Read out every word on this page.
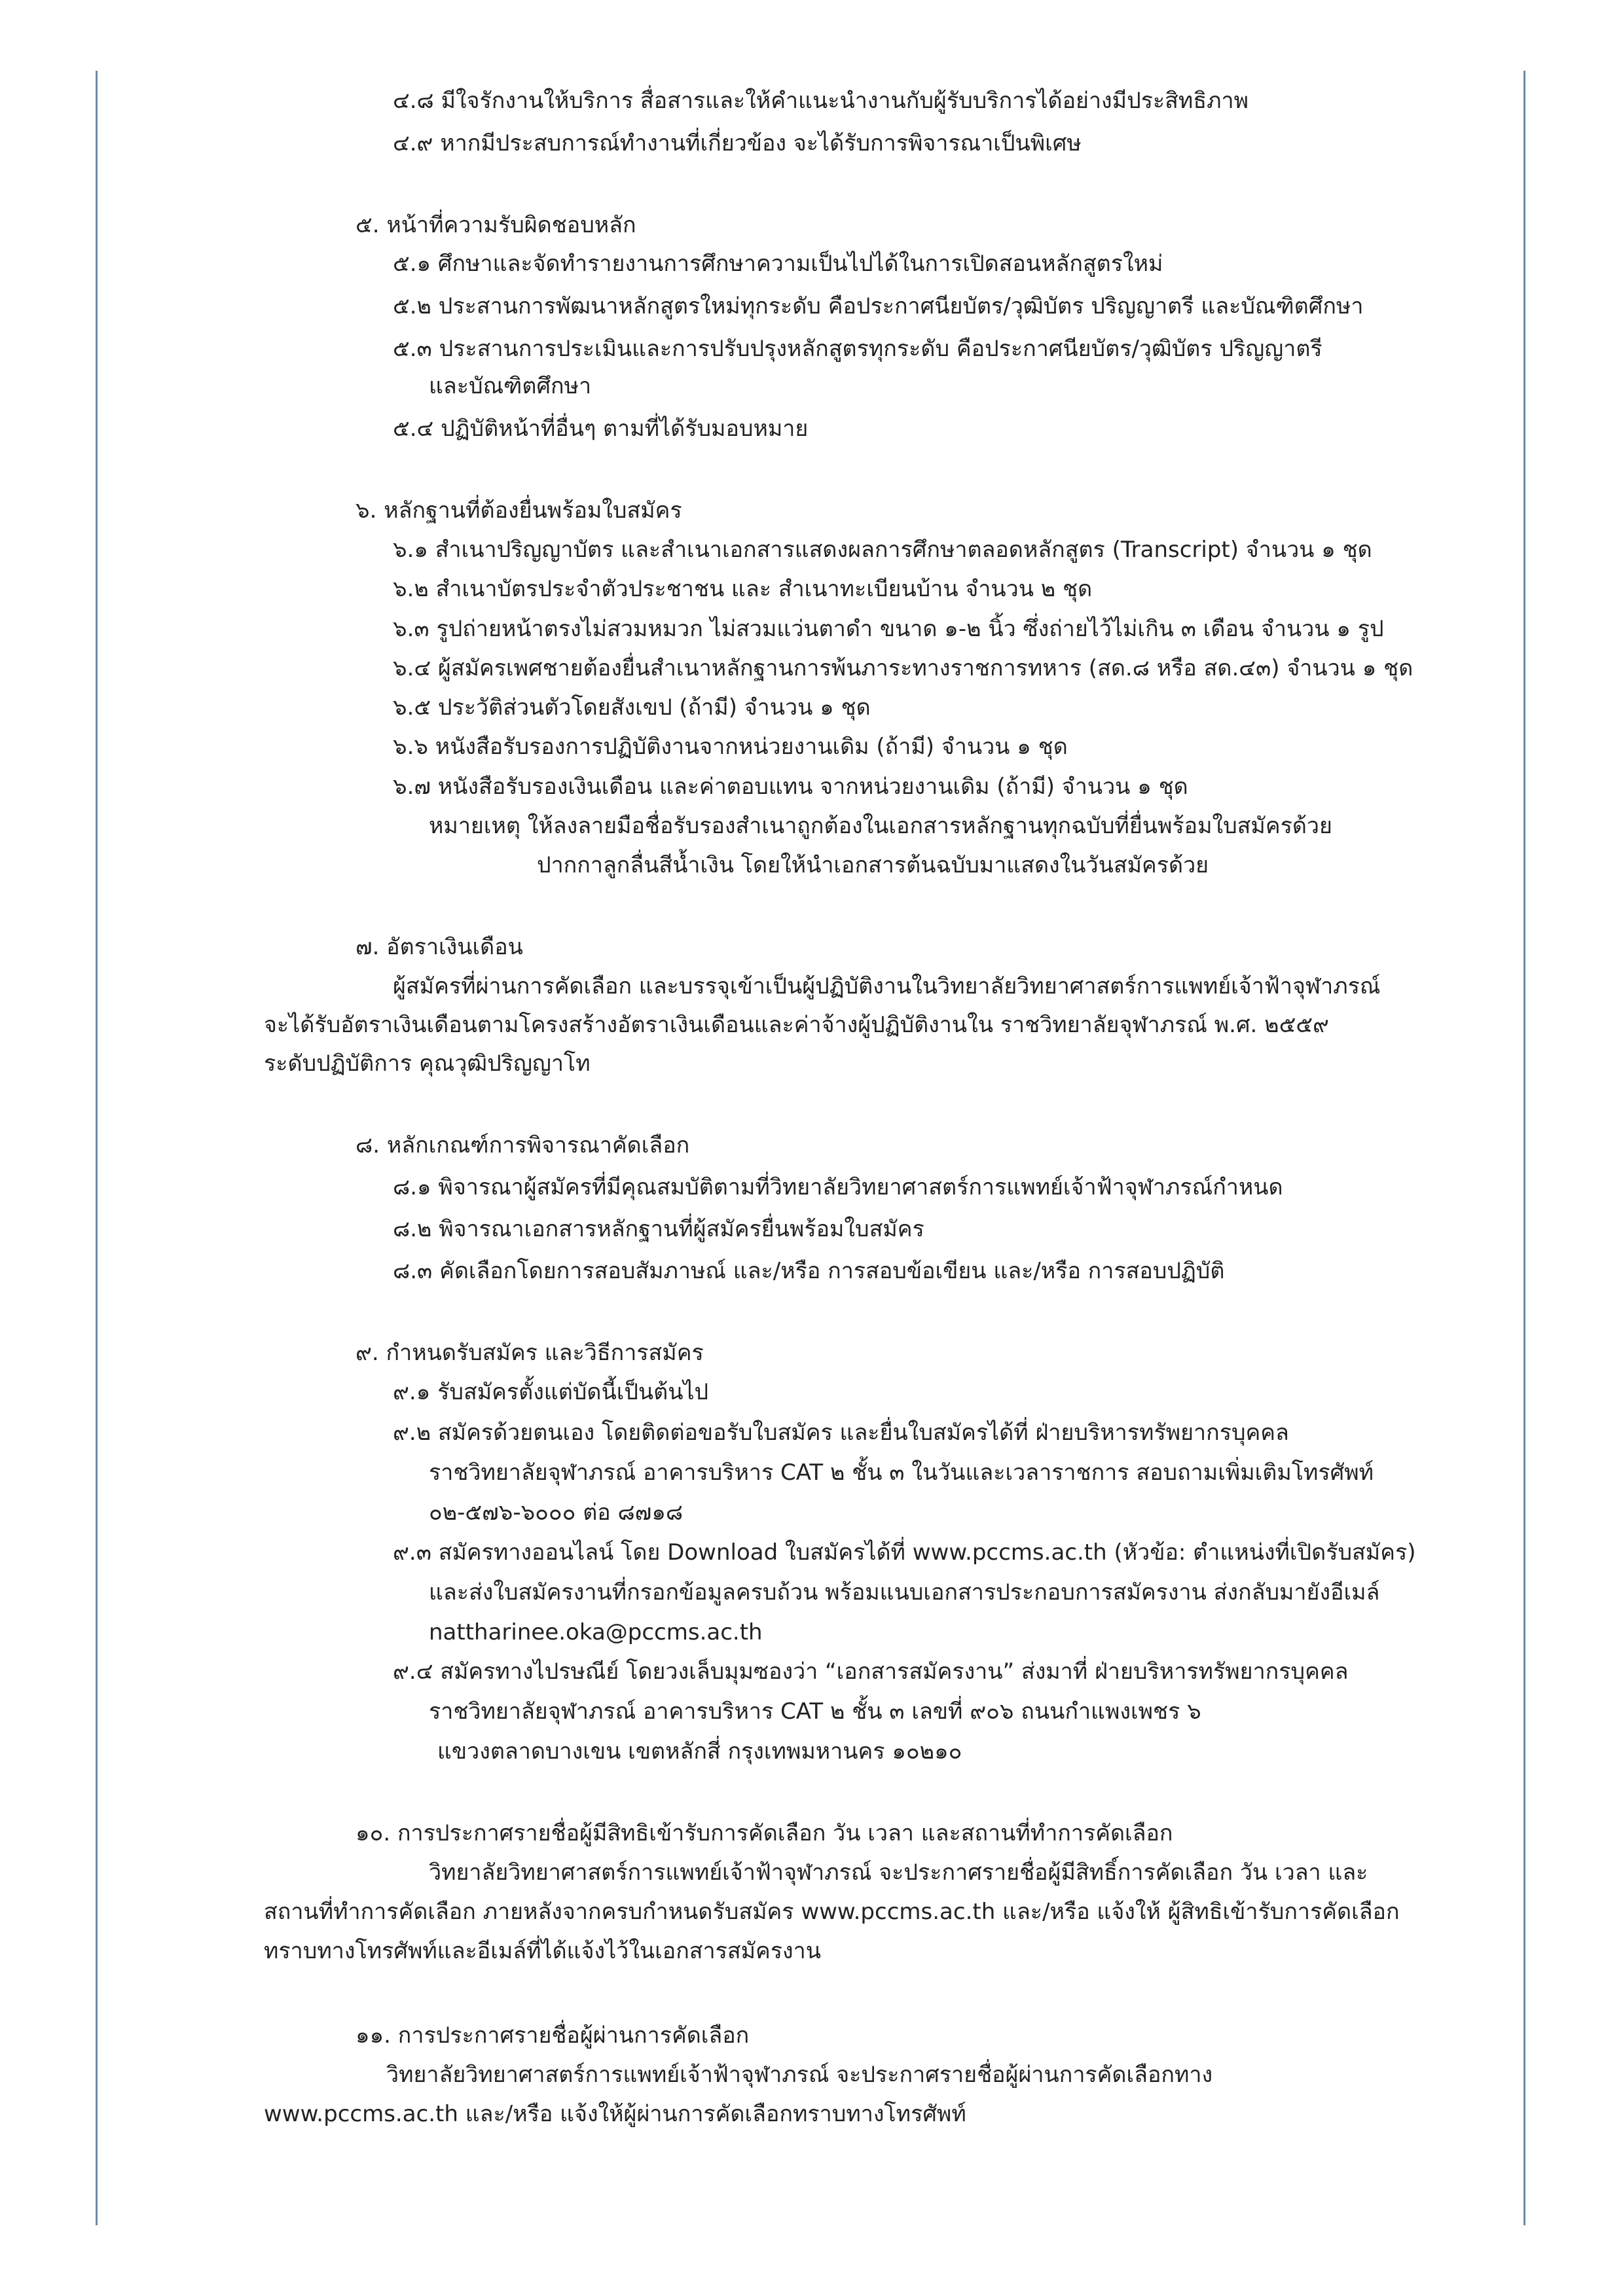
๔.๘ มีใจรักงานให้บริการ สื่อสารและให้คำแนะนำงานกับผู้รับบริการได้อย่างมีประสิทธิภาพ
๔.๙ หากมีประสบการณ์ทำงานที่เกี่ยวข้อง จะได้รับการพิจารณาเป็นพิเศษ
๕. หน้าที่ความรับผิดชอบหลัก
๕.๑ ศึกษาและจัดทำรายงานการศึกษาความเป็นไปได้ในการเปิดสอนหลักสูตรใหม่
๕.๒ ประสานการพัฒนาหลักสูตรใหม่ทุกระดับ คือประกาศนียบัตร/วุฒิบัตร ปริญญาตรี และบัณฑิตศึกษา
๕.๓ ประสานการประเมินและการปรับปรุงหลักสูตรทุกระดับ คือประกาศนียบัตร/วุฒิบัตร ปริญญาตรี
และบัณฑิตศึกษา
๕.๔ ปฏิบัติหน้าที่อื่นๆ ตามที่ได้รับมอบหมาย
๖. หลักฐานที่ต้องยื่นพร้อมใบสมัคร
๖.๑ สำเนาปริญญาบัตร และสำเนาเอกสารแสดงผลการศึกษาตลอดหลักสูตร (Transcript) จำนวน ๑ ชุด
๖.๒ สำเนาบัตรประจำตัวประชาชน และ สำเนาทะเบียนบ้าน จำนวน ๒ ชุด
๖.๓ รูปถ่ายหน้าตรงไม่สวมหมวก ไม่สวมแว่นตาดำ ขนาด ๑-๒ นิ้ว ซึ่งถ่ายไว้ไม่เกิน ๓ เดือน จำนวน ๑ รูป
๖.๔ ผู้สมัครเพศชายต้องยื่นสำเนาหลักฐานการพ้นภาระทางราชการทหาร (สด.๘ หรือ สด.๔๓) จำนวน ๑ ชุด
๖.๕ ประวัติส่วนตัวโดยสังเขป (ถ้ามี) จำนวน ๑ ชุด
๖.๖ หนังสือรับรองการปฏิบัติงานจากหน่วยงานเดิม (ถ้ามี) จำนวน ๑ ชุด
๖.๗ หนังสือรับรองเงินเดือน และค่าตอบแทน จากหน่วยงานเดิม (ถ้ามี) จำนวน ๑ ชุด
หมายเหตุ ให้ลงลายมือชื่อรับรองสำเนาถูกต้องในเอกสารหลักฐานทุกฉบับที่ยื่นพร้อมใบสมัครด้วย
ปากกาลูกลื่นสีน้ำเงิน โดยให้นำเอกสารต้นฉบับมาแสดงในวันสมัครด้วย
๗. อัตราเงินเดือน
ผู้สมัครที่ผ่านการคัดเลือก และบรรจุเข้าเป็นผู้ปฏิบัติงานในวิทยาลัยวิทยาศาสตร์การแพทย์เจ้าฟ้าจุฬาภรณ์
จะได้รับอัตราเงินเดือนตามโครงสร้างอัตราเงินเดือนและค่าจ้างผู้ปฏิบัติงานใน ราชวิทยาลัยจุฬาภรณ์ พ.ศ. ๒๕๕๙
ระดับปฏิบัติการ คุณวุฒิปริญญาโท
๘. หลักเกณฑ์การพิจารณาคัดเลือก
๘.๑ พิจารณาผู้สมัครที่มีคุณสมบัติตามที่วิทยาลัยวิทยาศาสตร์การแพทย์เจ้าฟ้าจุฬาภรณ์กำหนด
๘.๒ พิจารณาเอกสารหลักฐานที่ผู้สมัครยื่นพร้อมใบสมัคร
๘.๓ คัดเลือกโดยการสอบสัมภาษณ์ และ/หรือ การสอบข้อเขียน และ/หรือ การสอบปฏิบัติ
๙. กำหนดรับสมัคร และวิธีการสมัคร
๙.๑ รับสมัครตั้งแต่บัดนี้เป็นต้นไป
๙.๒ สมัครด้วยตนเอง โดยติดต่อขอรับใบสมัคร และยื่นใบสมัครได้ที่ ฝ่ายบริหารทรัพยากรบุคคล
ราชวิทยาลัยจุฬาภรณ์ อาคารบริหาร CAT ๒ ชั้น ๓ ในวันและเวลาราชการ สอบถามเพิ่มเติมโทรศัพท์
๐๒-๕๗๖-๖๐๐๐ ต่อ ๘๗๑๘
๙.๓ สมัครทางออนไลน์ โดย Download ใบสมัครได้ที่ www.pccms.ac.th (หัวข้อ: ตำแหน่งที่เปิดรับสมัคร)
และส่งใบสมัครงานที่กรอกข้อมูลครบถ้วน พร้อมแนบเอกสารประกอบการสมัครงาน ส่งกลับมายังอีเมล์
nattharinee.oka@pccms.ac.th
๙.๔ สมัครทางไปรษณีย์ โดยวงเล็บมุมซองว่า “เอกสารสมัครงาน” ส่งมาที่ ฝ่ายบริหารทรัพยากรบุคคล
ราชวิทยาลัยจุฬาภรณ์ อาคารบริหาร CAT ๒ ชั้น ๓ เลขที่ ๙๐๖ ถนนกำแพงเพชร ๖
แขวงตลาดบางเขน เขตหลักสี่ กรุงเทพมหานคร ๑๐๒๑๐
๑๐. การประกาศรายชื่อผู้มีสิทธิเข้ารับการคัดเลือก วัน เวลา และสถานที่ทำการคัดเลือก
วิทยาลัยวิทยาศาสตร์การแพทย์เจ้าฟ้าจุฬาภรณ์ จะประกาศรายชื่อผู้มีสิทธิ์การคัดเลือก วัน เวลา และ
สถานที่ทำการคัดเลือก ภายหลังจากครบกำหนดรับสมัคร www.pccms.ac.th และ/หรือ แจ้งให้ ผู้สิทธิเข้ารับการคัดเลือก
ทราบทางโทรศัพท์และอีเมล์ที่ได้แจ้งไว้ในเอกสารสมัครงาน
๑๑. การประกาศรายชื่อผู้ผ่านการคัดเลือก
วิทยาลัยวิทยาศาสตร์การแพทย์เจ้าฟ้าจุฬาภรณ์ จะประกาศรายชื่อผู้ผ่านการคัดเลือกทาง
www.pccms.ac.th และ/หรือ แจ้งให้ผู้ผ่านการคัดเลือกทราบทางโทรศัพท์
